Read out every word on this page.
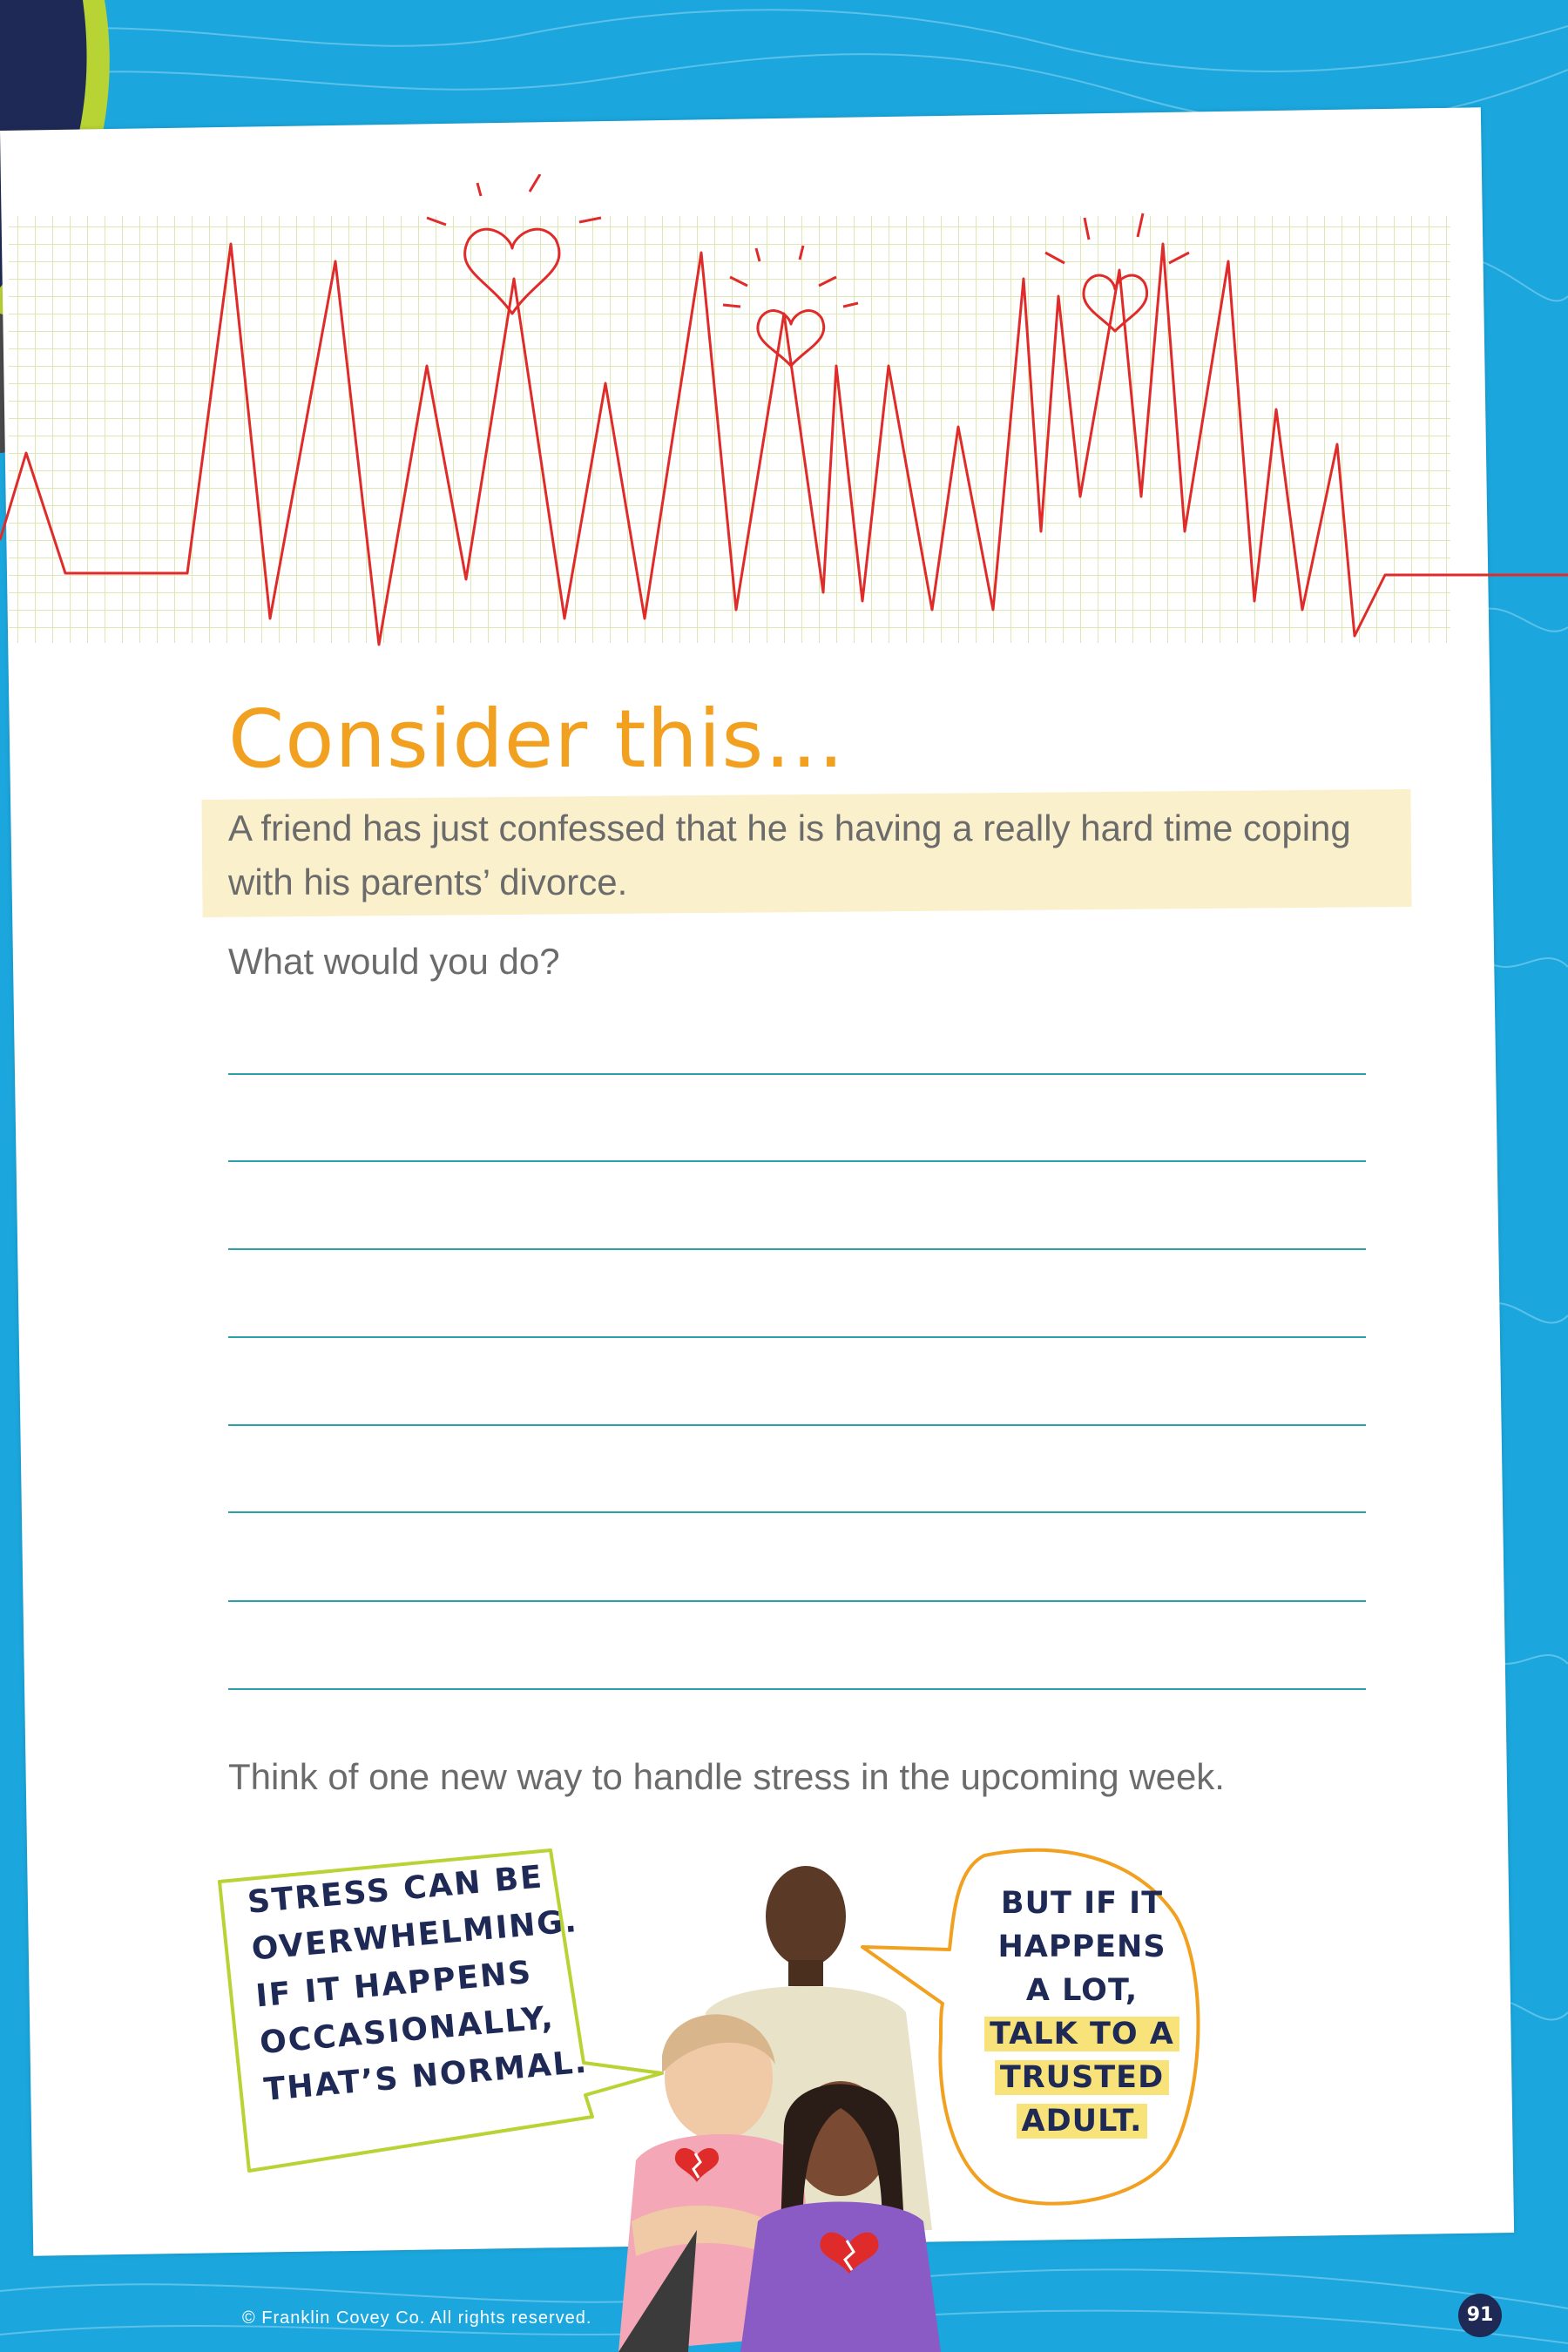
Consider this…
A friend has just confessed that he is having a really hard time coping with his parents’ divorce.
What would you do?
Think of one new way to handle stress in the upcoming week.
STRESS CAN BE
OVERWHELMING.
IF IT HAPPENS
OCCASIONALLY,
THAT’S NORMAL.
BUT IF IT
HAPPENS
A LOT,
TALK TO A
TRUSTED
ADULT.
© Franklin Covey Co. All rights reserved.	91
